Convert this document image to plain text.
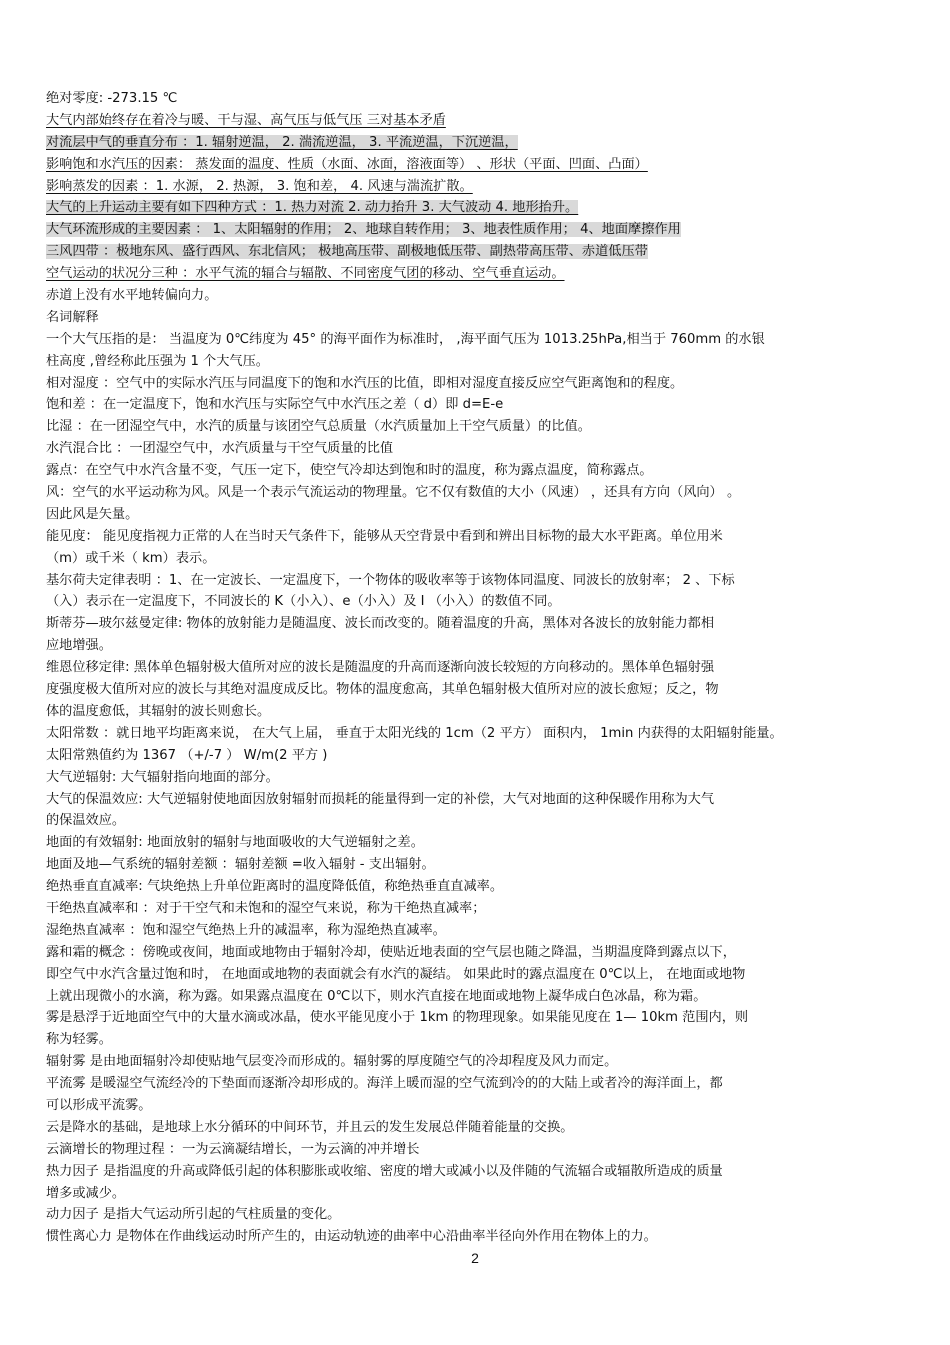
绝对零度: -273.15 ℃
大气内部始终存在着冷与暖、干与湿、高气压与低气压 三对基本矛盾
对流层中气的垂直分布 ：1. 辐射逆温， 2. 湍流逆温， 3. 平流逆温，下沉逆温，
影响饱和水汽压的因素： 蒸发面的温度、性质（水面、冰面，溶液面等） 、形状（平面、凹面、凸面）
影响蒸发的因素 ：1. 水源， 2. 热源， 3. 饱和差， 4. 风速与湍流扩散。
大气的上升运动主要有如下四种方式 ：1. 热力对流 2. 动力抬升 3. 大气波动 4. 地形抬升。
大气环流形成的主要因素 ： 1、太阳辐射的作用； 2、地球自转作用； 3、地表性质作用； 4、地面摩擦作用
三风四带 ：极地东风、盛行西风、东北信风； 极地高压带、副极地低压带、副热带高压带、赤道低压带
空气运动的状况分三种 ：水平气流的辐合与辐散、不同密度气团的移动、空气垂直运动。
赤道上没有水平地转偏向力。
名词解释
一个大气压指的是： 当温度为 0℃纬度为 45° 的海平面作为标准时， ,海平面气压为 1013.25hPa,相当于 760mm 的水银
柱高度 ,曾经称此压强为 1 个大气压。
相对湿度 ：空气中的实际水汽压与同温度下的饱和水汽压的比值，即相对湿度直接反应空气距离饱和的程度。
饱和差 ：在一定温度下，饱和水汽压与实际空气中水汽压之差（ d）即 d=E-e
比湿 ：在一团湿空气中，水汽的质量与该团空气总质量（水汽质量加上干空气质量）的比值。
水汽混合比 ：一团湿空气中，水汽质量与干空气质量的比值
露点：在空气中水汽含量不变，气压一定下，使空气冷却达到饱和时的温度，称为露点温度，简称露点。
风：空气的水平运动称为风。风是一个表示气流运动的物理量。它不仅有数值的大小（风速） ，还具有方向（风向） 。
因此风是矢量。
能见度： 能见度指视力正常的人在当时天气条件下，能够从天空背景中看到和辨出目标物的最大水平距离。单位用米
（m）或千米（ km）表示。
基尔荷夫定律表明 ：1、在一定波长、一定温度下，一个物体的吸收率等于该物体同温度、同波长的放射率； 2 、下标
（入）表示在一定温度下，不同波长的 K（小入）、e（小入）及 I （小入）的数值不同。
斯蒂芬—玻尔兹曼定律: 物体的放射能力是随温度、波长而改变的。随着温度的升高，黑体对各波长的放射能力都相
应地增强。
维恩位移定律: 黑体单色辐射极大值所对应的波长是随温度的升高而逐渐向波长较短的方向移动的。黑体单色辐射强
度强度极大值所对应的波长与其绝对温度成反比。物体的温度愈高，其单色辐射极大值所对应的波长愈短；反之，物
体的温度愈低，其辐射的波长则愈长。
太阳常数 ：就日地平均距离来说， 在大气上届， 垂直于太阳光线的 1cm（2 平方） 面积内， 1min 内获得的太阳辐射能量。
太阳常熟值约为 1367 （+/-7 ） W/m(2 平方 )
大气逆辐射: 大气辐射指向地面的部分。
大气的保温效应: 大气逆辐射使地面因放射辐射而损耗的能量得到一定的补偿，大气对地面的这种保暖作用称为大气
的保温效应。
地面的有效辐射: 地面放射的辐射与地面吸收的大气逆辐射之差。
地面及地—气系统的辐射差额 ：辐射差额 =收入辐射 - 支出辐射。
绝热垂直直减率: 气块绝热上升单位距离时的温度降低值，称绝热垂直直减率。
干绝热直减率和 ：对于干空气和未饱和的湿空气来说，称为干绝热直减率；
湿绝热直减率 ：饱和湿空气绝热上升的减温率，称为湿绝热直减率。
露和霜的概念 ：傍晚或夜间，地面或地物由于辐射冷却，使贴近地表面的空气层也随之降温，当期温度降到露点以下，
即空气中水汽含量过饱和时， 在地面或地物的表面就会有水汽的凝结。 如果此时的露点温度在 0℃以上， 在地面或地物
上就出现微小的水滴，称为露。如果露点温度在 0℃以下，则水汽直接在地面或地物上凝华成白色冰晶，称为霜。
雾是悬浮于近地面空气中的大量水滴或冰晶，使水平能见度小于 1km 的物理现象。如果能见度在 1— 10km 范围内，则
称为轻雾。
辐射雾 是由地面辐射冷却使贴地气层变冷而形成的。辐射雾的厚度随空气的冷却程度及风力而定。
平流雾 是暖湿空气流经冷的下垫面而逐渐冷却形成的。海洋上暖而湿的空气流到冷的的大陆上或者冷的海洋面上，都
可以形成平流雾。
云是降水的基础，是地球上水分循环的中间环节，并且云的发生发展总伴随着能量的交换。
云滴增长的物理过程 ：一为云滴凝结增长，一为云滴的冲并增长
热力因子 是指温度的升高或降低引起的体积膨胀或收缩、密度的增大或减小以及伴随的气流辐合或辐散所造成的质量
增多或减少。
动力因子 是指大气运动所引起的气柱质量的变化。
惯性离心力 是物体在作曲线运动时所产生的，由运动轨迹的曲率中心沿曲率半径向外作用在物体上的力。
2
